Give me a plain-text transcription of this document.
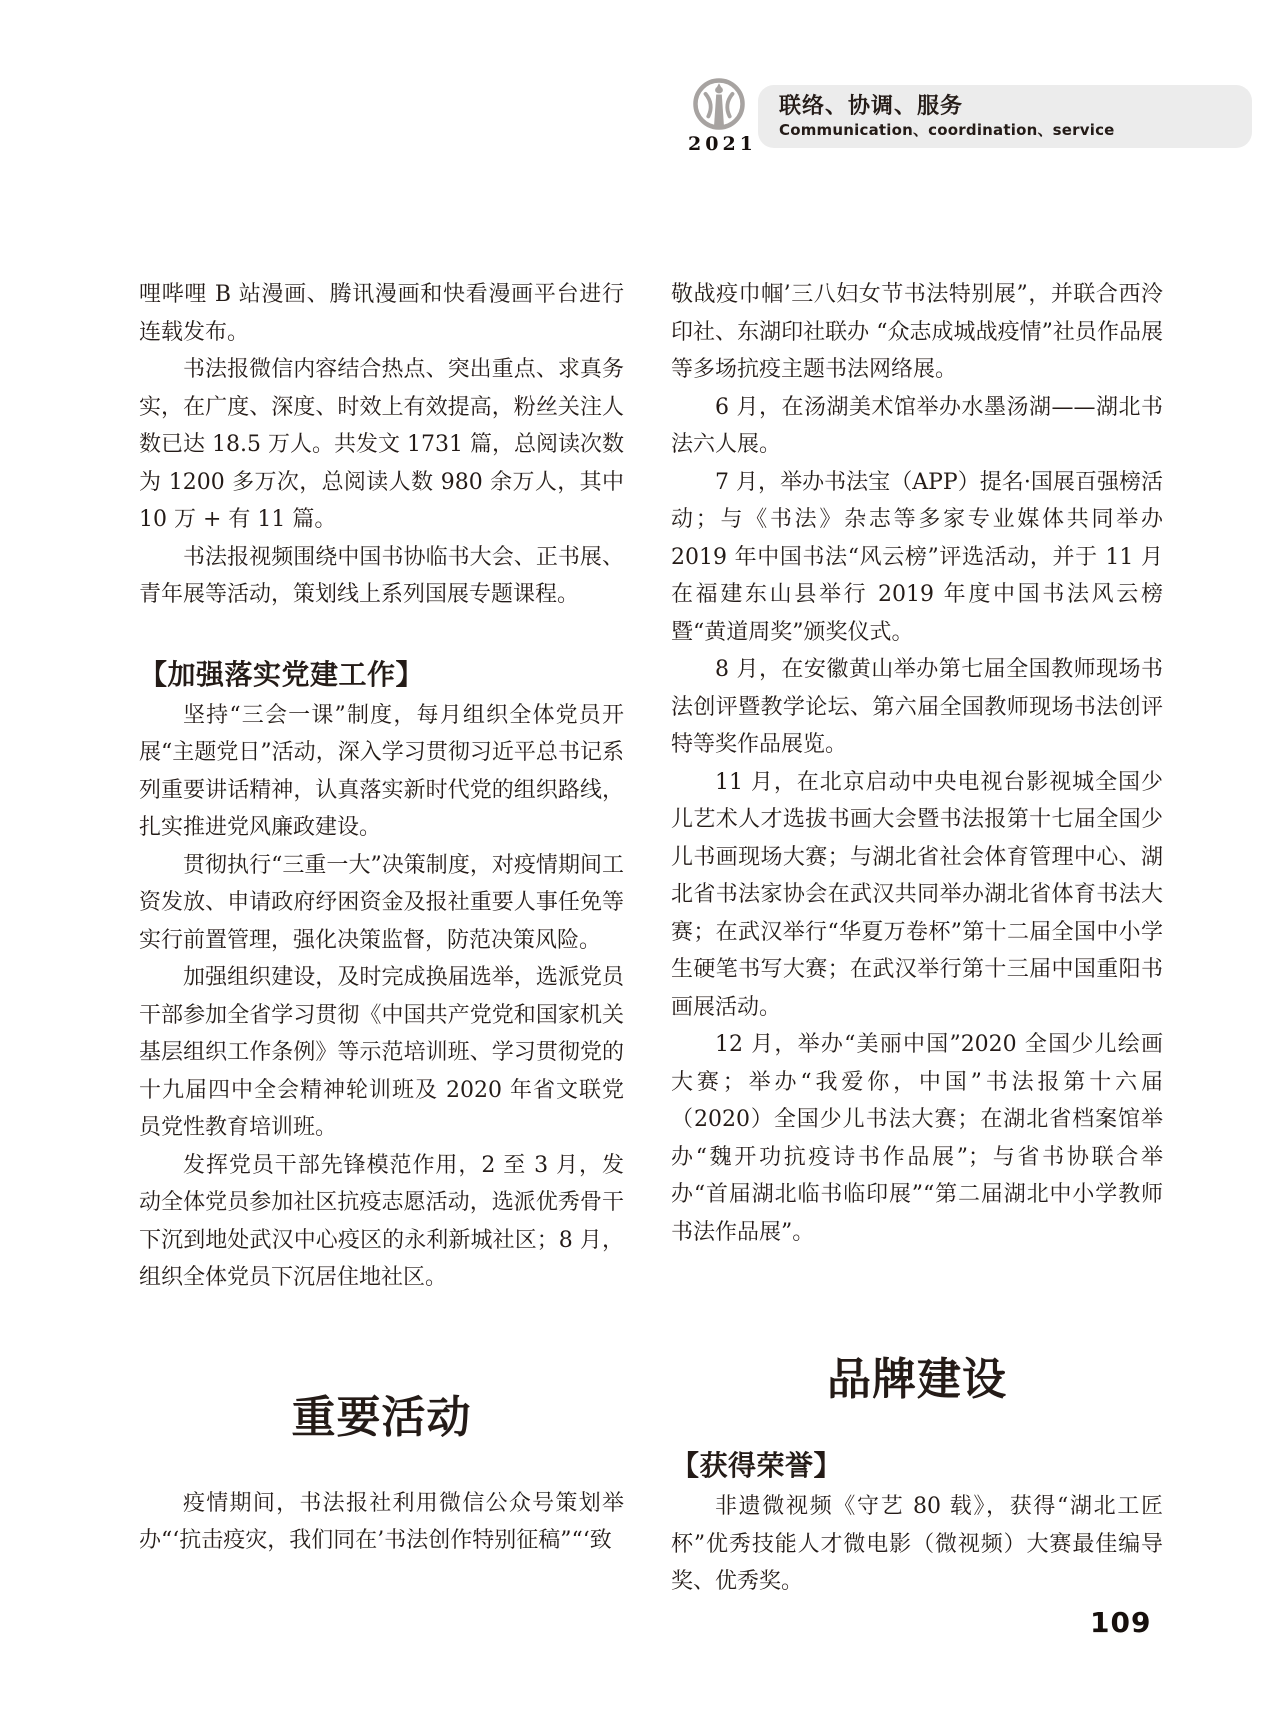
2021
联络、协调、服务
Communication、coordination、service

哩哔哩 B 站漫画、腾讯漫画和快看漫画平台进行连载发布。

书法报微信内容结合热点、突出重点、求真务实，在广度、深度、时效上有效提高，粉丝关注人数已达 18.5 万人。共发文 1731 篇，总阅读次数为 1200 多万次，总阅读人数 980 余万人，其中 10 万 + 有 11 篇。

书法报视频围绕中国书协临书大会、正书展、青年展等活动，策划线上系列国展专题课程。

【加强落实党建工作】

坚持“三会一课”制度，每月组织全体党员开展“主题党日”活动，深入学习贯彻习近平总书记系列重要讲话精神，认真落实新时代党的组织路线，扎实推进党风廉政建设。

贯彻执行“三重一大”决策制度，对疫情期间工资发放、申请政府纾困资金及报社重要人事任免等实行前置管理，强化决策监督，防范决策风险。

加强组织建设，及时完成换届选举，选派党员干部参加全省学习贯彻《中国共产党党和国家机关基层组织工作条例》等示范培训班、学习贯彻党的十九届四中全会精神轮训班及 2020 年省文联党员党性教育培训班。

发挥党员干部先锋模范作用，2 至 3 月，发动全体党员参加社区抗疫志愿活动，选派优秀骨干下沉到地处武汉中心疫区的永利新城社区；8 月，组织全体党员下沉居住地社区。

重要活动

疫情期间，书法报社利用微信公众号策划举办“‘抗击疫灾，我们同在’书法创作特别征稿”“‘致

敬战疫巾帼’三八妇女节书法特别展”，并联合西泠印社、东湖印社联办 “众志成城战疫情”社员作品展等多场抗疫主题书法网络展。

6 月，在汤湖美术馆举办水墨汤湖——湖北书法六人展。

7 月，举办书法宝（APP）提名·国展百强榜活动；与《书法》杂志等多家专业媒体共同举办 2019 年中国书法“风云榜”评选活动，并于 11 月在福建东山县举行 2019 年度中国书法风云榜暨“黄道周奖”颁奖仪式。

8 月，在安徽黄山举办第七届全国教师现场书法创评暨教学论坛、第六届全国教师现场书法创评特等奖作品展览。

11 月，在北京启动中央电视台影视城全国少儿艺术人才选拔书画大会暨书法报第十七届全国少儿书画现场大赛；与湖北省社会体育管理中心、湖北省书法家协会在武汉共同举办湖北省体育书法大赛；在武汉举行“华夏万卷杯”第十二届全国中小学生硬笔书写大赛；在武汉举行第十三届中国重阳书画展活动。

12 月，举办“美丽中国”2020 全国少儿绘画大赛；举办“我爱你，中国”书法报第十六届（2020）全国少儿书法大赛；在湖北省档案馆举办“魏开功抗疫诗书作品展”；与省书协联合举办“首届湖北临书临印展”“第二届湖北中小学教师书法作品展”。

品牌建设
【获得荣誉】

非遗微视频《守艺 80 载》，获得“湖北工匠杯”优秀技能人才微电影（微视频）大赛最佳编导奖、优秀奖。

109
